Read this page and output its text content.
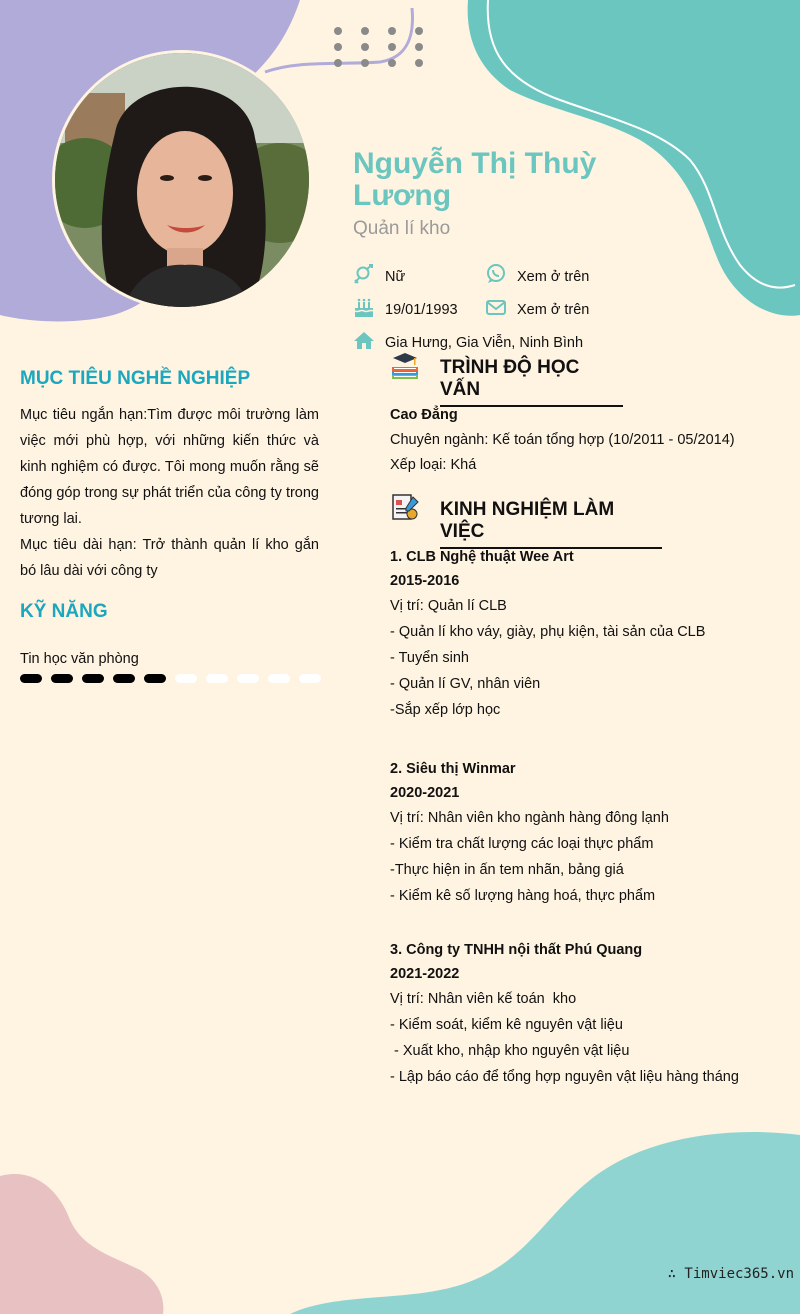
Nguyễn Thị Thuỳ Lương
Quản lí kho
Nữ	Xem ở trên
19/01/1993	Xem ở trên
Gia Hưng, Gia Viễn, Ninh Bình
MỤC TIÊU NGHỀ NGHIỆP

Mục tiêu ngắn hạn:Tìm được môi trường làm việc mới phù hợp, với những kiến thức và kinh nghiệm có được. Tôi mong muốn rằng sẽ đóng góp trong sự phát triển của công ty trong tương lai.

Mục tiêu dài hạn: Trở thành quản lí kho gắn bó lâu dài với công ty

KỸ NĂNG
Tin học văn phòng
TRÌNH ĐỘ HỌC VẤN
Cao Đẳng
Chuyên ngành: Kế toán tổng hợp (10/2011 - 05/2014)
Xếp loại: Khá
KINH NGHIỆM LÀM VIỆC
1. CLB Nghệ thuật Wee Art
2015-2016
Vị trí: Quản lí CLB
- Quản lí kho váy, giày, phụ kiện, tài sản của CLB
- Tuyển sinh
- Quản lí GV, nhân viên
-Sắp xếp lớp học
2. Siêu thị Winmar
2020-2021
Vị trí: Nhân viên kho ngành hàng đông lạnh
- Kiểm tra chất lượng các loại thực phẩm
-Thực hiện in ấn tem nhãn, bảng giá
- Kiểm kê số lượng hàng hoá, thực phẩm
3. Công ty TNHH nội thất Phú Quang
2021-2022
Vị trí: Nhân viên kế toán  kho
- Kiểm soát, kiểm kê nguyên vật liệu
- Xuất kho, nhập kho nguyên vật liệu
- Lập báo cáo để tổng hợp nguyên vật liệu hàng tháng
∴ Timviec365.vn
